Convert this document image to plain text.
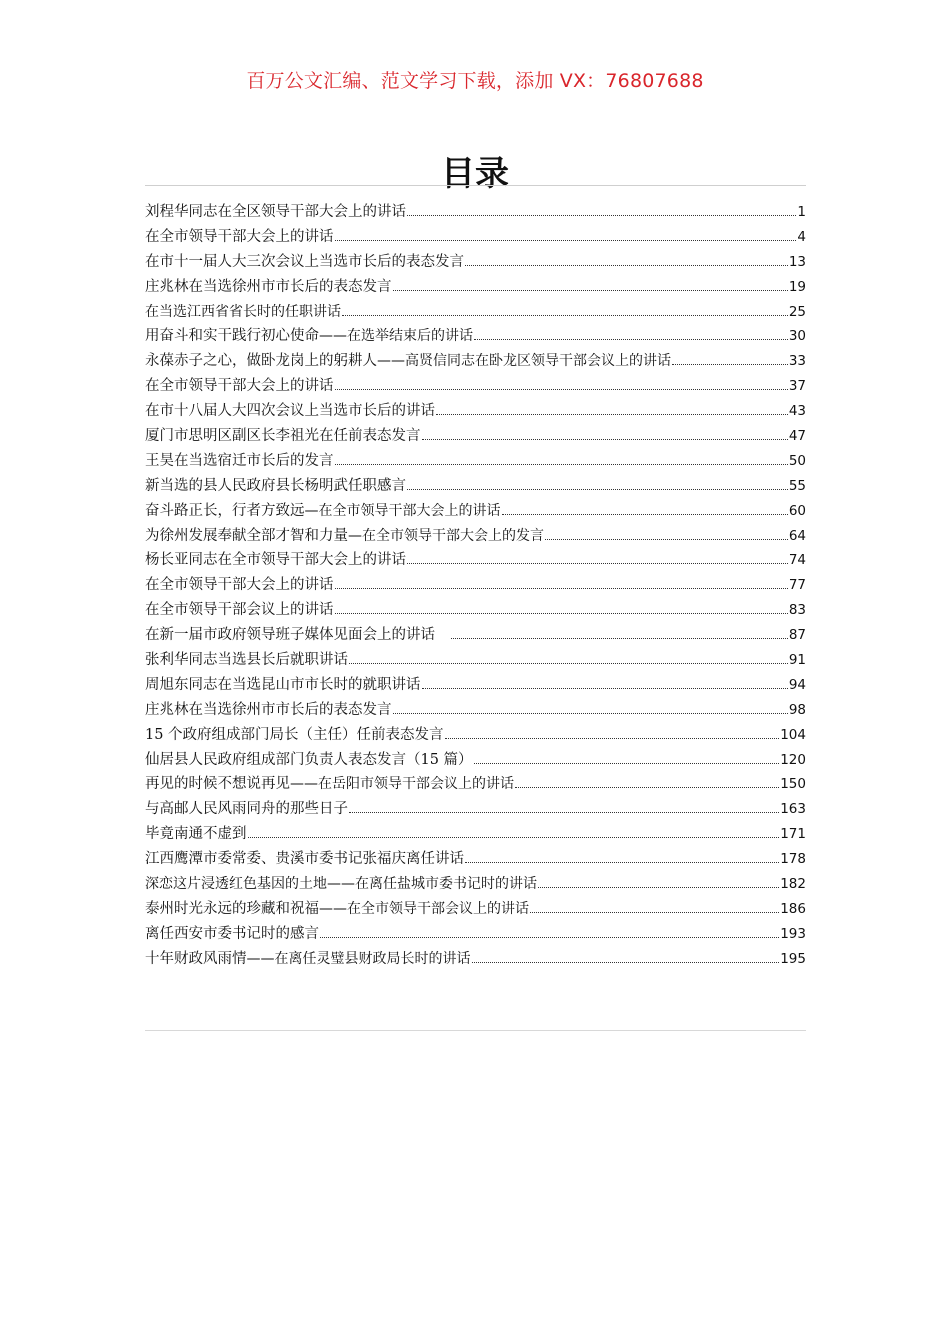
百万公文汇编、范文学习下载，添加 VX：76807688
目录
刘程华同志在全区领导干部大会上的讲话	1
在全市领导干部大会上的讲话	4
在市十一届人大三次会议上当选市长后的表态发言	13
庄兆林在当选徐州市市长后的表态发言	19
在当选江西省省长时的任职讲话	25
用奋斗和实干践行初心使命——在选举结束后的讲话	30
永葆赤子之心，做卧龙岗上的躬耕人——高贤信同志在卧龙区领导干部会议上的讲话	33
在全市领导干部大会上的讲话	37
在市十八届人大四次会议上当选市长后的讲话	43
厦门市思明区副区长李祖光在任前表态发言	47
王昊在当选宿迁市长后的发言	50
新当选的县人民政府县长杨明武任职感言	55
奋斗路正长，行者方致远—在全市领导干部大会上的讲话	60
为徐州发展奉献全部才智和力量—在全市领导干部大会上的发言	64
杨长亚同志在全市领导干部大会上的讲话	74
在全市领导干部大会上的讲话	77
在全市领导干部会议上的讲话	83
在新一届市政府领导班子媒体见面会上的讲话　	87
张利华同志当选县长后就职讲话	91
周旭东同志在当选昆山市市长时的就职讲话	94
庄兆林在当选徐州市市长后的表态发言	98
15 个政府组成部门局长（主任）任前表态发言	104
仙居县人民政府组成部门负责人表态发言（15 篇）	120
再见的时候不想说再见——在岳阳市领导干部会议上的讲话	150
与高邮人民风雨同舟的那些日子	163
毕竟南通不虚到	171
江西鹰潭市委常委、贵溪市委书记张福庆离任讲话	178
深恋这片浸透红色基因的土地——在离任盐城市委书记时的讲话	182
泰州时光永远的珍藏和祝福——在全市领导干部会议上的讲话	186
离任西安市委书记时的感言	193
十年财政风雨情——在离任灵璧县财政局长时的讲话	195
